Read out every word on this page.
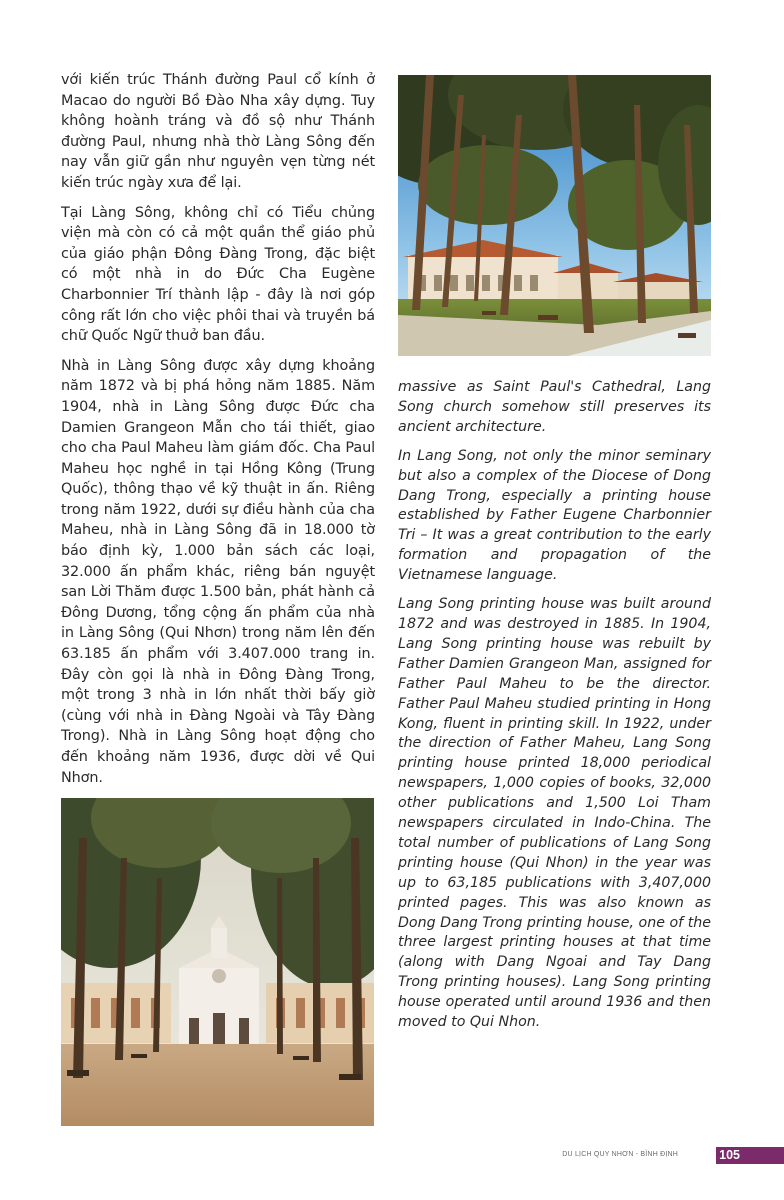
với kiến trúc Thánh đường Paul cổ kính ở Macao do người Bồ Đào Nha xây dựng. Tuy không hoành tráng và đồ sộ như Thánh đường Paul, nhưng nhà thờ Làng Sông đến nay vẫn giữ gần như nguyên vẹn từng nét kiến trúc ngày xưa để lại.

Tại Làng Sông, không chỉ có Tiểu chủng viện mà còn có cả một quần thể giáo phủ của giáo phận Đông Đàng Trong, đặc biệt có một nhà in do Đức Cha Eugène Charbonnier Trí thành lập - đây là nơi góp công rất lớn cho việc phôi thai và truyền bá chữ Quốc Ngữ thuở ban đầu.

Nhà in Làng Sông được xây dựng khoảng năm 1872 và bị phá hỏng năm 1885. Năm 1904, nhà in Làng Sông được Đức cha Damien Grangeon Mẫn cho tái thiết, giao cho cha Paul Maheu làm giám đốc. Cha Paul Maheu học nghề in tại Hồng Kông (Trung Quốc), thông thạo về kỹ thuật in ấn. Riêng trong năm 1922, dưới sự điều hành của cha Maheu, nhà in Làng Sông đã in 18.000 tờ báo định kỳ, 1.000 bản sách các loại, 32.000 ấn phẩm khác, riêng bán nguyệt san Lời Thăm được 1.500 bản, phát hành cả Đông Dương, tổng cộng ấn phẩm của nhà in Làng Sông (Qui Nhơn) trong năm lên đến 63.185 ấn phẩm với 3.407.000 trang in. Đây còn gọi là nhà in Đông Đàng Trong, một trong 3 nhà in lớn nhất thời bấy giờ (cùng với nhà in Đàng Ngoài và Tây Đàng Trong). Nhà in Làng Sông hoạt động cho đến khoảng năm 1936, được dời về Qui Nhơn.

massive as Saint Paul's Cathedral, Lang Song church somehow still preserves its ancient architecture.

In Lang Song, not only the minor seminary but also a complex of the Diocese of Dong Dang Trong, especially a printing house established by Father Eugene Charbonnier Tri – It was a great contribution to the early formation and propagation of the Vietnamese language.

Lang Song printing house was built around 1872 and was destroyed in 1885. In 1904, Lang Song printing house was rebuilt by Father Damien Grangeon Man, assigned for Father Paul Maheu to be the director. Father Paul Maheu studied printing in Hong Kong, fluent in printing skill. In 1922, under the direction of Father Maheu, Lang Song printing house printed 18,000 periodical newspapers, 1,000 copies of books, 32,000 other publications and 1,500 Loi Tham newspapers circulated in Indo-China. The total number of publications of Lang Song printing house (Qui Nhon) in the year was up to 63,185 publications with 3,407,000 printed pages. This was also known as Dong Dang Trong printing house, one of the three largest printing houses at that time (along with Dang Ngoai and Tay Dang Trong printing houses). Lang Song printing house operated until around 1936 and then moved to Qui Nhon.

DU LỊCH QUY NHƠN - BÌNH ĐỊNH	105
